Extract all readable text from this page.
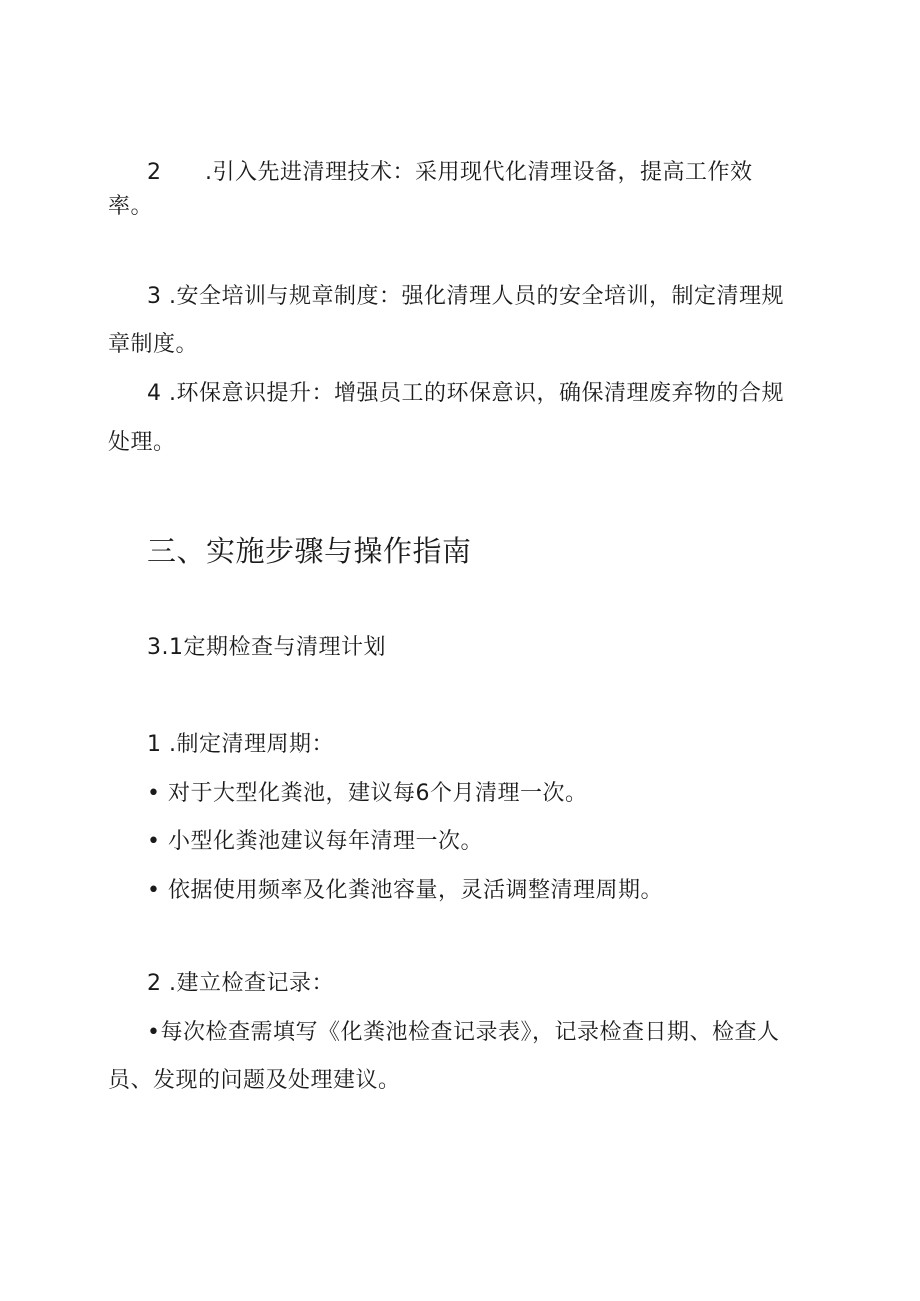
2 .引入先进清理技术：采用现代化清理设备，提高工作效

率。

3 .安全培训与规章制度：强化清理人员的安全培训，制定清理规

章制度。

4 .环保意识提升：增强员工的环保意识，确保清理废弃物的合规

处理。

三、实施步骤与操作指南

3.1定期检查与清理计划

1 .制定清理周期：

• 对于大型化粪池，建议每6个月清理一次。

• 小型化粪池建议每年清理一次。

• 依据使用频率及化粪池容量，灵活调整清理周期。

2 .建立检查记录：

•每次检查需填写《化粪池检查记录表》，记录检查日期、检查人

员、发现的问题及处理建议。
